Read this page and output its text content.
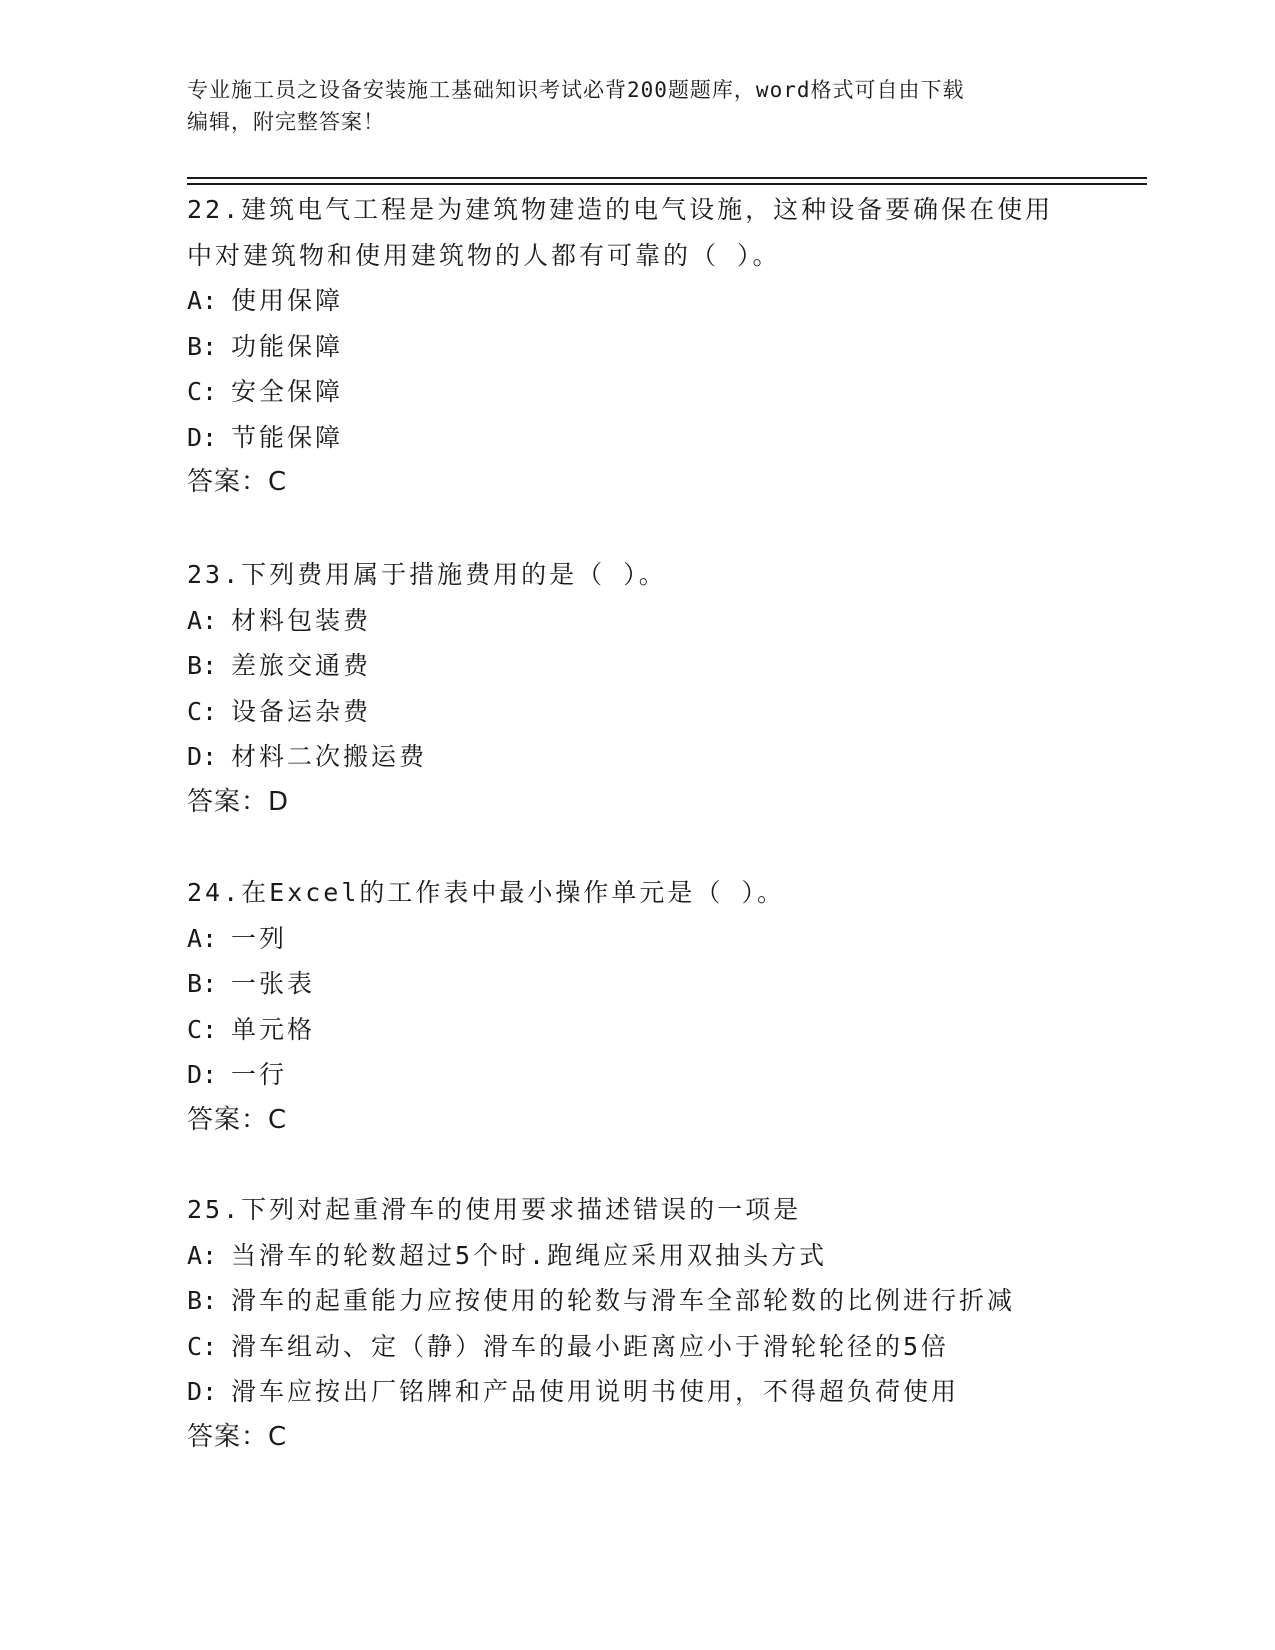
专业施工员之设备安装施工基础知识考试必背200题题库，word格式可自由下载
编辑，附完整答案！
22.建筑电气工程是为建筑物建造的电气设施，这种设备要确保在使用
中对建筑物和使用建筑物的人都有可靠的（ ）。
A: 使用保障
B: 功能保障
C: 安全保障
D: 节能保障
答案：C
23.下列费用属于措施费用的是（ ）。
A: 材料包装费
B: 差旅交通费
C: 设备运杂费
D: 材料二次搬运费
答案：D
24.在Excel的工作表中最小操作单元是（ ）。
A: 一列
B: 一张表
C: 单元格
D: 一行
答案：C
25.下列对起重滑车的使用要求描述错误的一项是
A: 当滑车的轮数超过5个时.跑绳应采用双抽头方式
B: 滑车的起重能力应按使用的轮数与滑车全部轮数的比例进行折减
C: 滑车组动、定（静）滑车的最小距离应小于滑轮轮径的5倍
D: 滑车应按出厂铭牌和产品使用说明书使用，不得超负荷使用
答案：C
